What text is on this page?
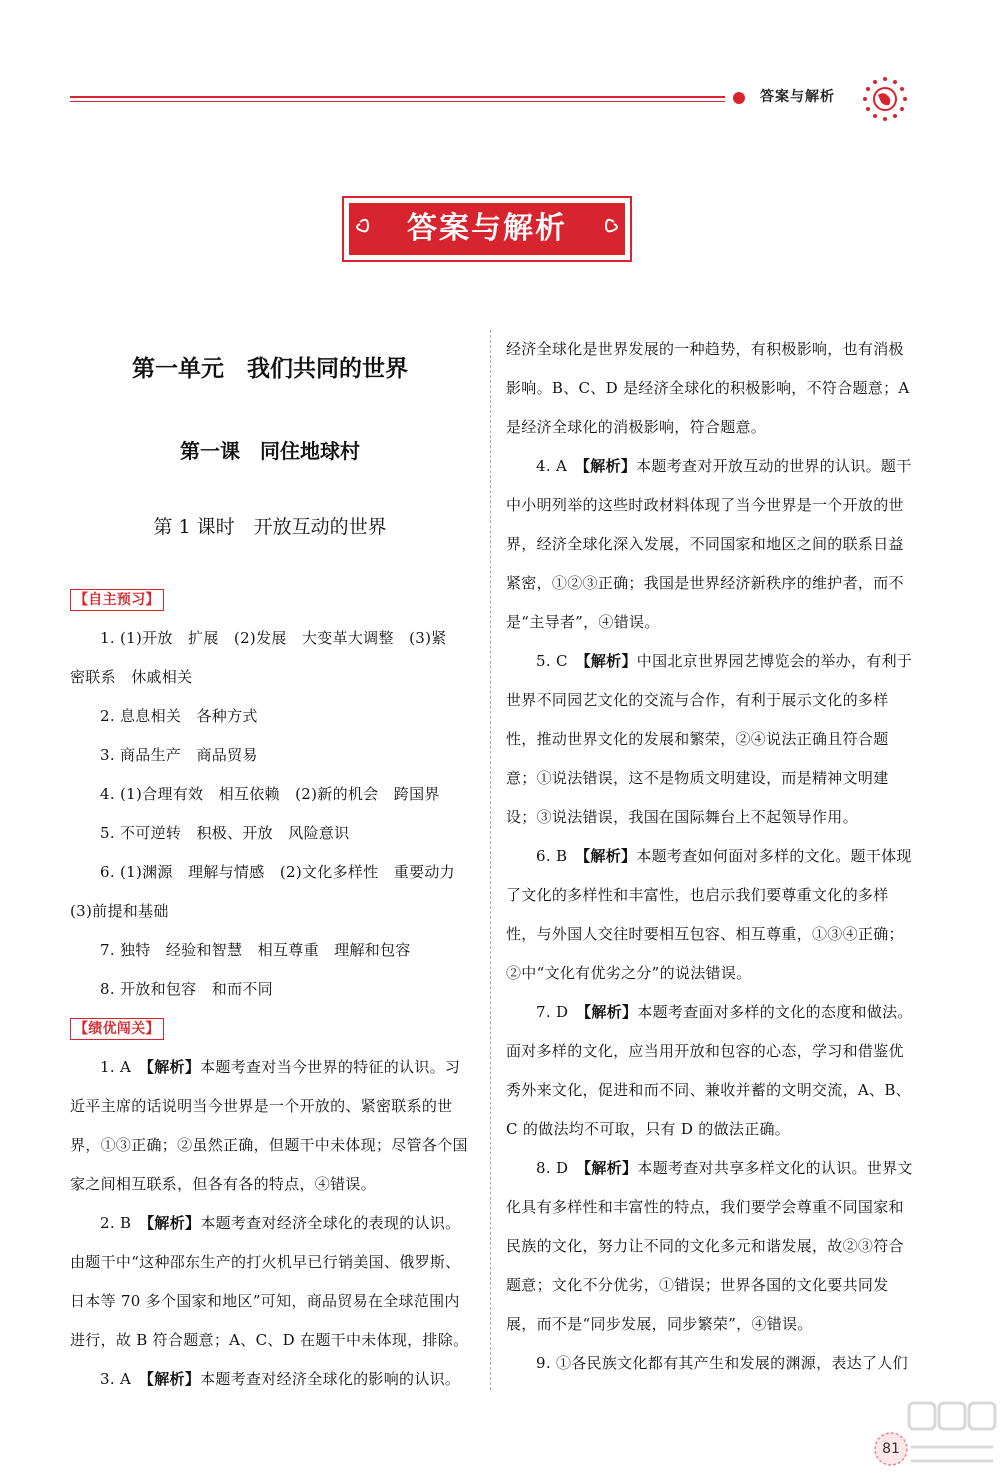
答案与解析
答案与解析
第一单元　我们共同的世界
第一课　同住地球村
第 1 课时　开放互动的世界

【自主预习】

1. (1)开放　扩展　(2)发展　大变革大调整　(3)紧

密联系　休戚相关

2. 息息相关　各种方式

3. 商品生产　商品贸易

4. (1)合理有效　相互依赖　(2)新的机会　跨国界

5. 不可逆转　积极、开放　风险意识

6. (1)渊源　理解与情感　(2)文化多样性　重要动力

(3)前提和基础

7. 独特　经验和智慧　相互尊重　理解和包容

8. 开放和包容　和而不同

【绩优闯关】

1. A　【解析】本题考查对当今世界的特征的认识。习近平主席的话说明当今世界是一个开放的、紧密联系的世界，①③正确；②虽然正确，但题干中未体现；尽管各个国家之间相互联系，但各有各的特点，④错误。

2. B　【解析】本题考查对经济全球化的表现的认识。由题干中“这种邵东生产的打火机早已行销美国、俄罗斯、日本等 70 多个国家和地区”可知，商品贸易在全球范围内进行，故 B 符合题意；A、C、D 在题干中未体现，排除。

3. A　【解析】本题考查对经济全球化的影响的认识。

经济全球化是世界发展的一种趋势，有积极影响，也有消极影响。B、C、D 是经济全球化的积极影响，不符合题意；A 是经济全球化的消极影响，符合题意。

4. A　【解析】本题考查对开放互动的世界的认识。题干中小明列举的这些时政材料体现了当今世界是一个开放的世界，经济全球化深入发展，不同国家和地区之间的联系日益紧密，①②③正确；我国是世界经济新秩序的维护者，而不是“主导者”，④错误。

5. C　【解析】中国北京世界园艺博览会的举办，有利于世界不同园艺文化的交流与合作，有利于展示文化的多样性，推动世界文化的发展和繁荣，②④说法正确且符合题意；①说法错误，这不是物质文明建设，而是精神文明建设；③说法错误，我国在国际舞台上不起领导作用。

6. B　【解析】本题考查如何面对多样的文化。题干体现了文化的多样性和丰富性，也启示我们要尊重文化的多样性，与外国人交往时要相互包容、相互尊重，①③④正确；②中“文化有优劣之分”的说法错误。

7. D　【解析】本题考查面对多样的文化的态度和做法。面对多样的文化，应当用开放和包容的心态，学习和借鉴优秀外来文化，促进和而不同、兼收并蓄的文明交流，A、B、C 的做法均不可取，只有 D 的做法正确。

8. D　【解析】本题考查对共享多样文化的认识。世界文化具有多样性和丰富性的特点，我们要学会尊重不同国家和民族的文化，努力让不同的文化多元和谐发展，故②③符合题意；文化不分优劣，①错误；世界各国的文化要共同发展，而不是“同步发展，同步繁荣”，④错误。

9. ①各民族文化都有其产生和发展的渊源，表达了人们

81
